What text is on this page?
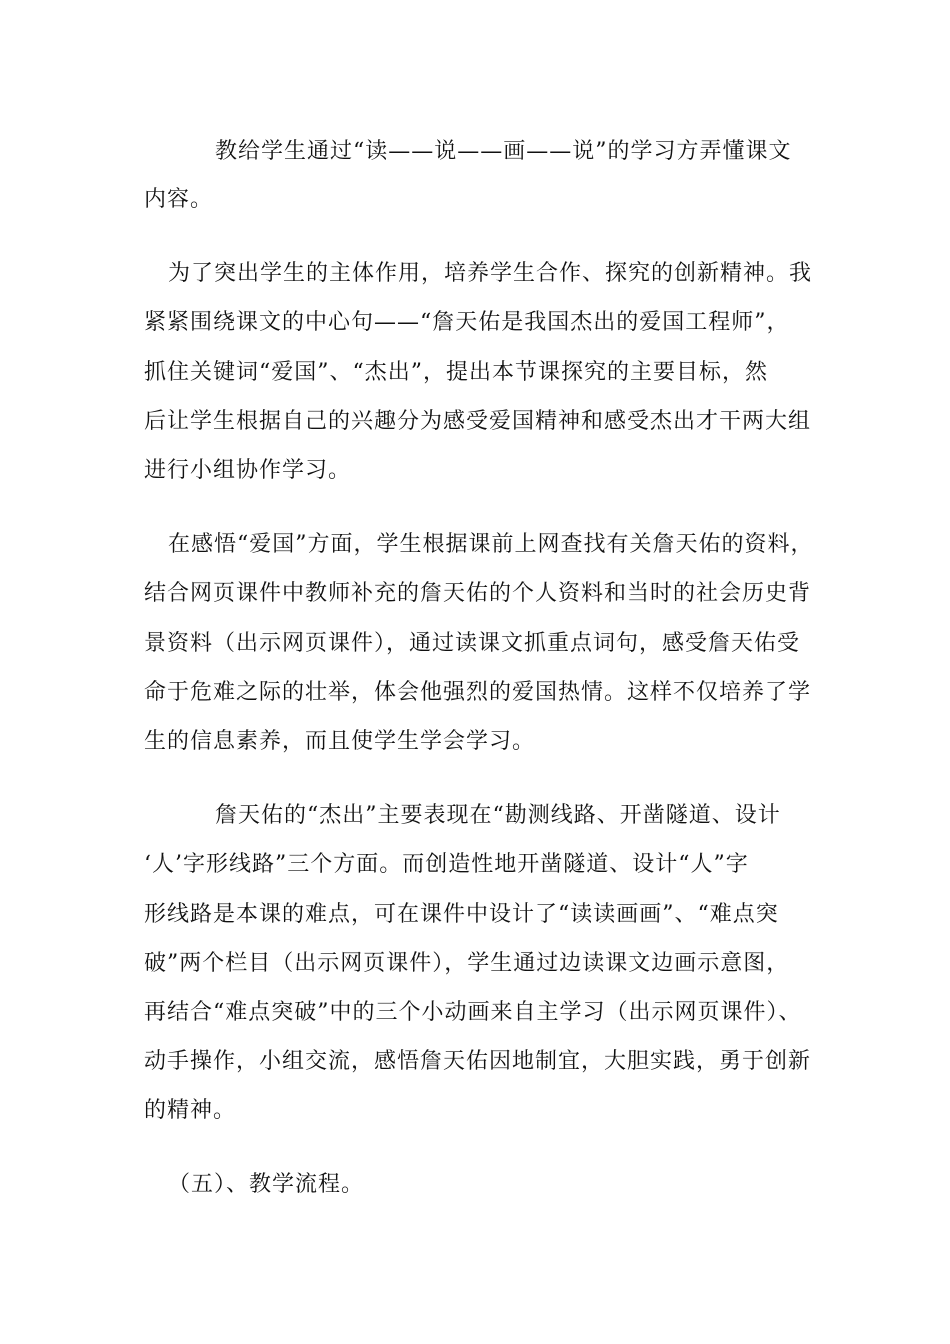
教给学生通过“读——说——画——说”的学习方弄懂课文
内容。
为了突出学生的主体作用，培养学生合作、探究的创新精神。我
紧紧围绕课文的中心句——“詹天佑是我国杰出的爱国工程师”，
抓住关键词“爱国”、“杰出”，提出本节课探究的主要目标，然
后让学生根据自己的兴趣分为感受爱国精神和感受杰出才干两大组
进行小组协作学习。
在感悟“爱国”方面，学生根据课前上网查找有关詹天佑的资料，
结合网页课件中教师补充的詹天佑的个人资料和当时的社会历史背
景资料（出示网页课件），通过读课文抓重点词句，感受詹天佑受
命于危难之际的壮举，体会他强烈的爱国热情。这样不仅培养了学
生的信息素养，而且使学生学会学习。
詹天佑的“杰出”主要表现在“勘测线路、开凿隧道、设计
‘人’字形线路”三个方面。而创造性地开凿隧道、设计“人”字
形线路是本课的难点，可在课件中设计了“读读画画”、“难点突
破”两个栏目（出示网页课件），学生通过边读课文边画示意图，
再结合“难点突破”中的三个小动画来自主学习（出示网页课件）、
动手操作，小组交流，感悟詹天佑因地制宜，大胆实践，勇于创新
的精神。
（五）、教学流程。
